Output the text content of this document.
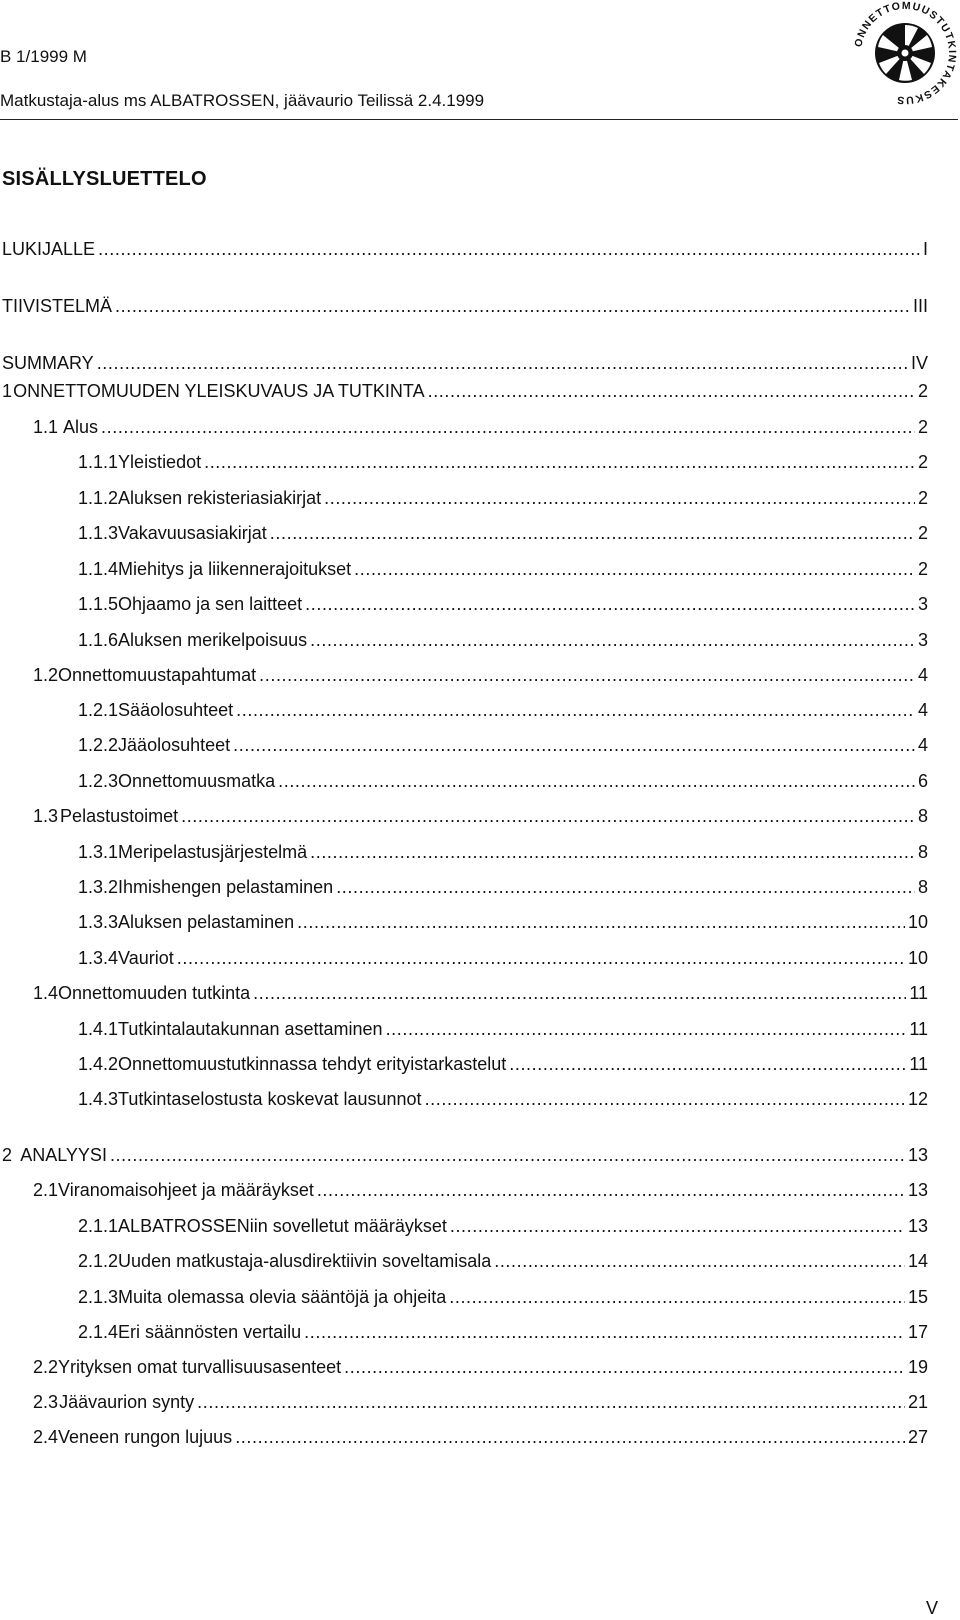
B 1/1999 M
Matkustaja-alus ms ALBATROSSEN, jäävaurio Teilissä 2.4.1999
ONNETTOMUUSTUTKINTAKESKUS
SISÄLLYSLUETTELO
LUKIJALLE .....	I
TIIVISTELMÄ .....	III
SUMMARY .....	IV
1 ONNETTOMUUDEN YLEISKUVAUS JA TUTKINTA .....	2
1.1 Alus .....	2
1.1.1 Yleistiedot .....	2
1.1.2 Aluksen rekisteriasiakirjat .....	2
1.1.3 Vakavuusasiakirjat .....	2
1.1.4 Miehitys ja liikennerajoitukset .....	2
1.1.5 Ohjaamo ja sen laitteet .....	3
1.1.6 Aluksen merikelpoisuus .....	3
1.2 Onnettomuustapahtumat .....	4
1.2.1 Sääolosuhteet .....	4
1.2.2 Jääolosuhteet .....	4
1.2.3 Onnettomuusmatka .....	6
1.3 Pelastustoimet .....	8
1.3.1 Meripelastusjärjestelmä .....	8
1.3.2 Ihmishengen pelastaminen .....	8
1.3.3 Aluksen pelastaminen .....	10
1.3.4 Vauriot .....	10
1.4 Onnettomuuden tutkinta .....	11
1.4.1 Tutkintalautakunnan asettaminen .....	11
1.4.2 Onnettomuustutkinnassa tehdyt erityistarkastelut .....	11
1.4.3 Tutkintaselostusta koskevat lausunnot .....	12
2 ANALYYSI .....	13
2.1 Viranomaisohjeet ja määräykset .....	13
2.1.1 ALBATROSSENiin sovelletut määräykset .....	13
2.1.2 Uuden matkustaja-alusdirektiivin soveltamisala .....	14
2.1.3 Muita olemassa olevia sääntöjä ja ohjeita .....	15
2.1.4 Eri säännösten vertailu .....	17
2.2 Yrityksen omat turvallisuusasenteet .....	19
2.3 Jäävaurion synty .....	21
2.4 Veneen rungon lujuus .....	27
V
